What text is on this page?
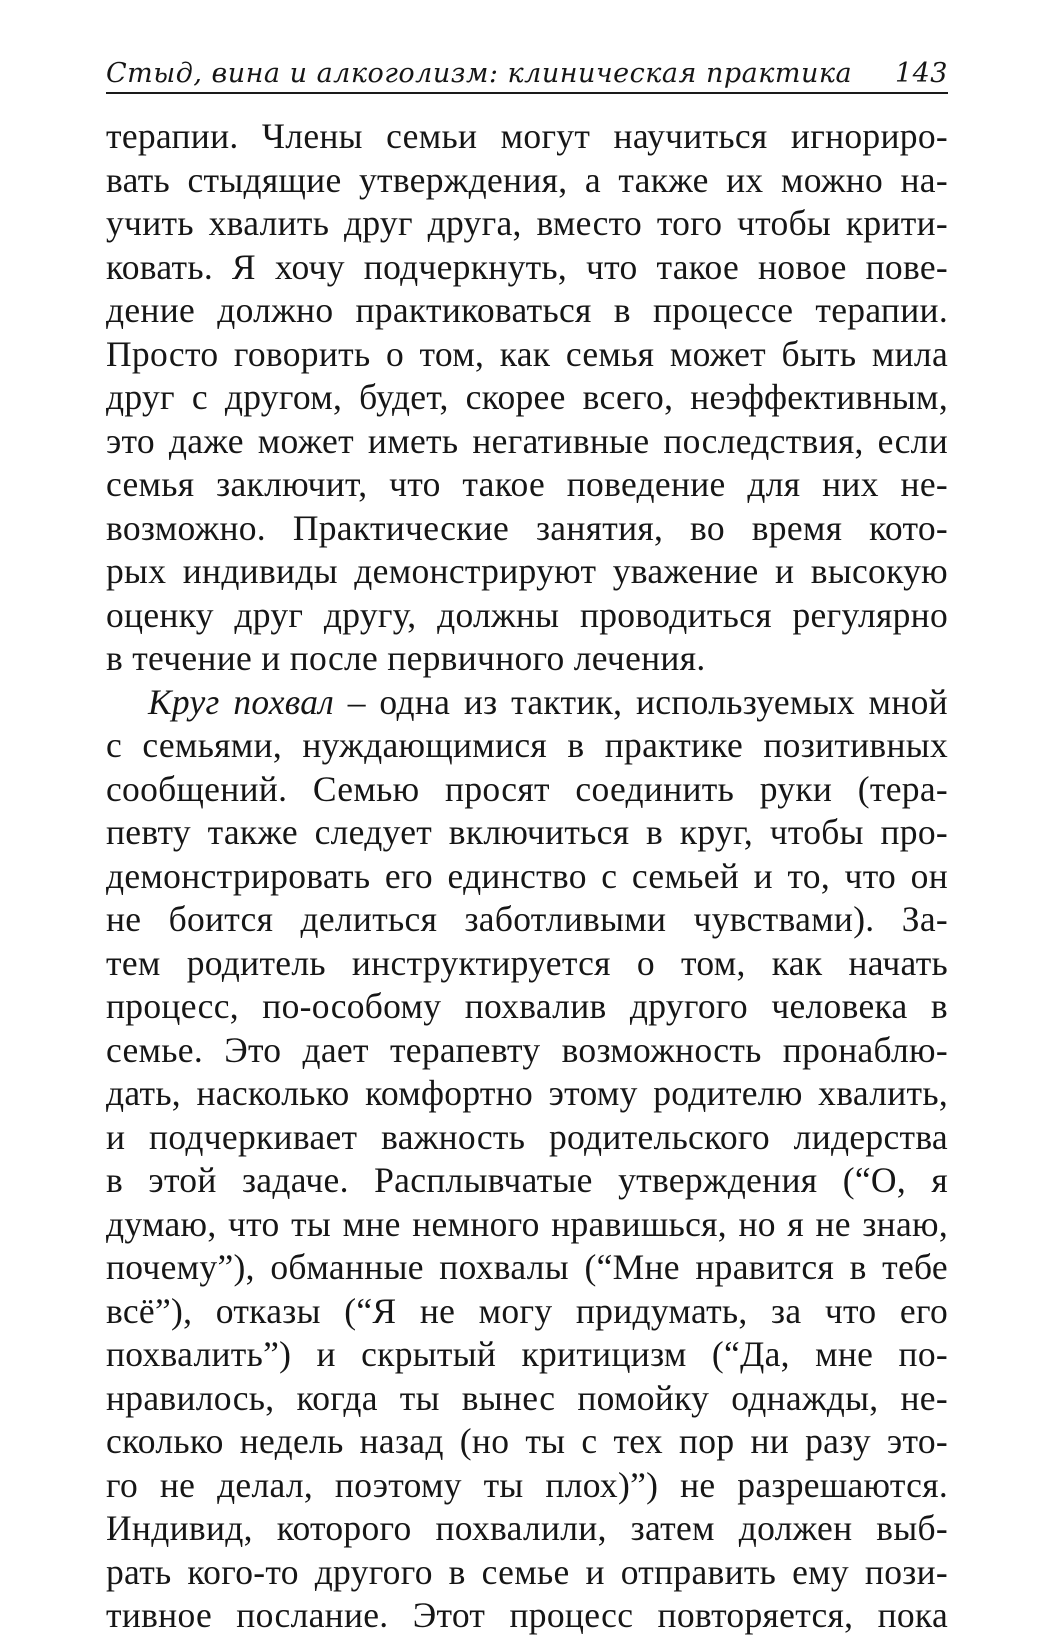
Стыд, вина и алкоголизм: клиническая практика 143
терапии. Члены семьи могут научиться игнориро-
вать стыдящие утверждения, а также их можно на-
учить хвалить друг друга, вместо того чтобы крити-
ковать. Я хочу подчеркнуть, что такое новое пове-
дение должно практиковаться в процессе терапии.
Просто говорить о том, как семья может быть мила
друг с другом, будет, скорее всего, неэффективным,
это даже может иметь негативные последствия, если
семья заключит, что такое поведение для них не-
возможно. Практические занятия, во время кото-
рых индивиды демонстрируют уважение и высокую
оценку друг другу, должны проводиться регулярно
в течение и после первичного лечения.
Круг похвал – одна из тактик, используемых мной
с семьями, нуждающимися в практике позитивных
сообщений. Семью просят соединить руки (тера-
певту также следует включиться в круг, чтобы про-
демонстрировать его единство с семьей и то, что он
не боится делиться заботливыми чувствами). За-
тем родитель инструктируется о том, как начать
процесс, по-особому похвалив другого человека в
семье. Это дает терапевту возможность пронаблю-
дать, насколько комфортно этому родителю хвалить,
и подчеркивает важность родительского лидерства
в этой задаче. Расплывчатые утверждения (“О, я
думаю, что ты мне немного нравишься, но я не знаю,
почему”), обманные похвалы (“Мне нравится в тебе
всё”), отказы (“Я не могу придумать, за что его
похвалить”) и скрытый критицизм (“Да, мне по-
нравилось, когда ты вынес помойку однажды, не-
сколько недель назад (но ты с тех пор ни разу это-
го не делал, поэтому ты плох)”) не разрешаются.
Индивид, которого похвалили, затем должен выб-
рать кого-то другого в семье и отправить ему пози-
тивное послание. Этот процесс повторяется, пока
